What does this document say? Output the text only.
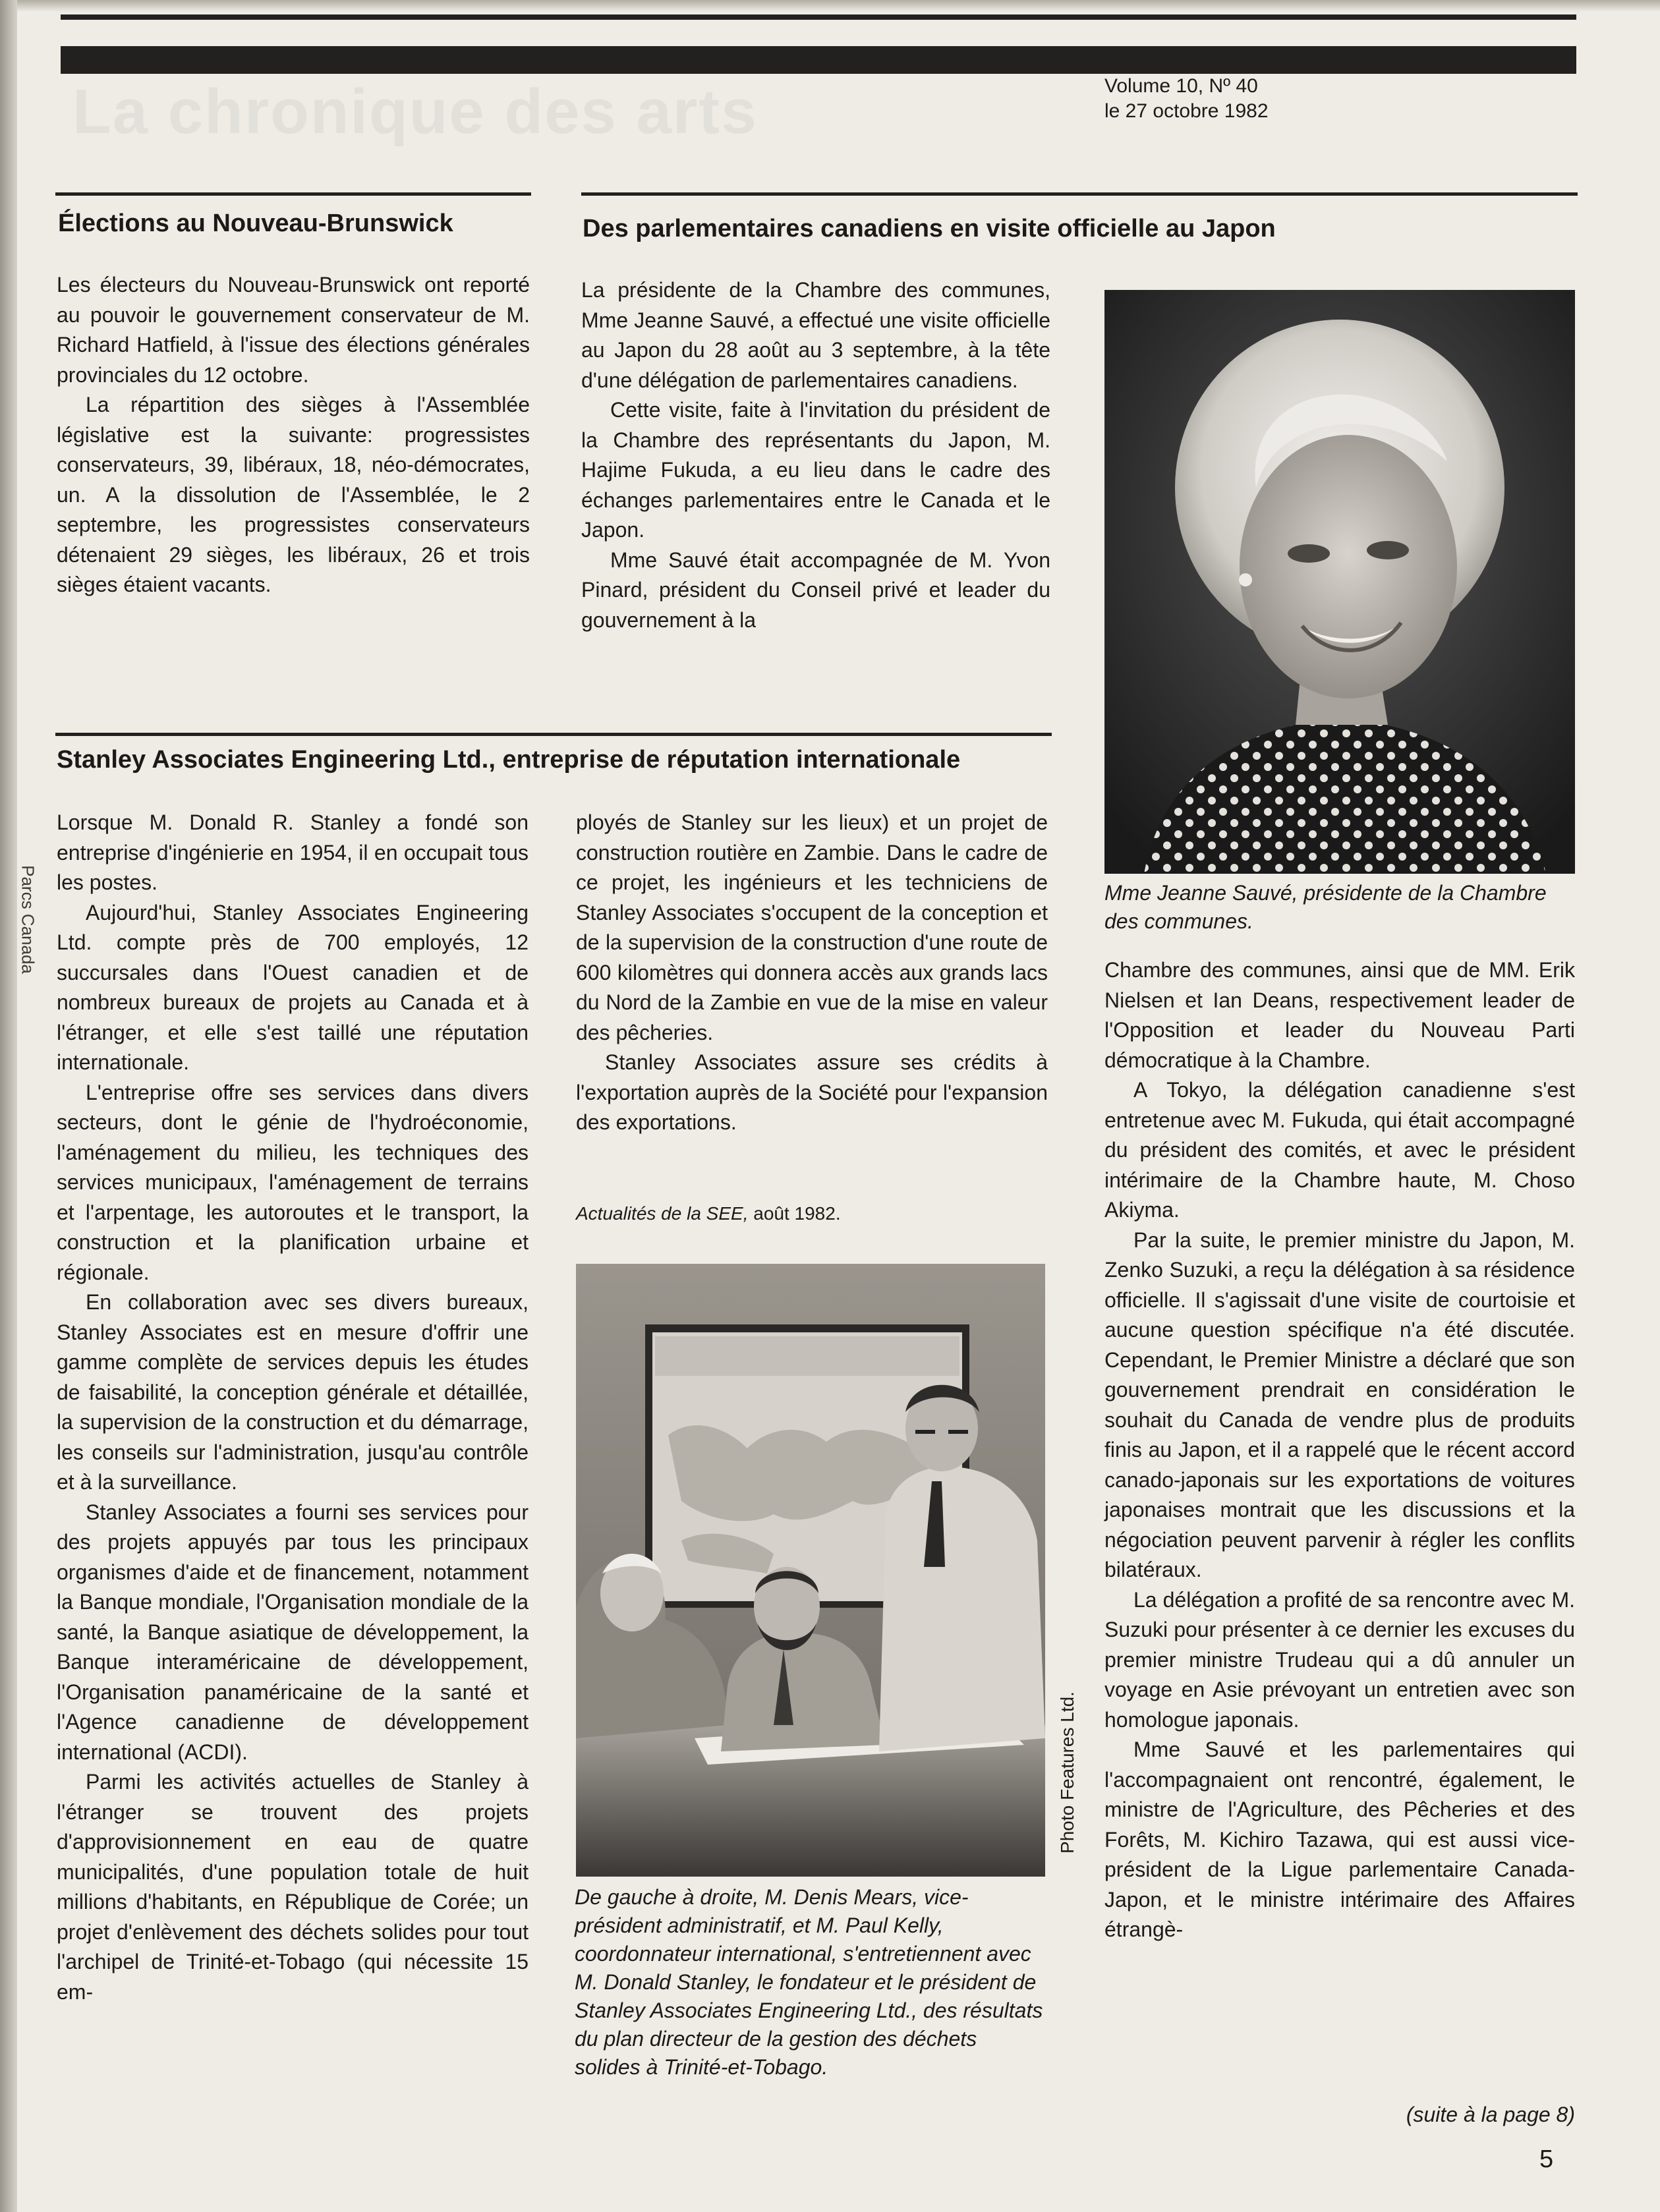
La chronique des arts
Parcs Canada
Volume 10, Nº 40
le 27 octobre 1982
Élections au Nouveau-Brunswick

Les électeurs du Nouveau-Brunswick ont reporté au pouvoir le gouvernement conservateur de M. Richard Hatfield, à l'issue des élections générales provinciales du 12 octobre.

La répartition des sièges à l'Assemblée législative est la suivante: progressistes conservateurs, 39, libéraux, 18, néo-démocrates, un. A la dissolution de l'Assemblée, le 2 septembre, les progressistes conservateurs détenaient 29 sièges, les libéraux, 26 et trois sièges étaient vacants.

Des parlementaires canadiens en visite officielle au Japon

La présidente de la Chambre des communes, Mme Jeanne Sauvé, a effectué une visite officielle au Japon du 28 août au 3 septembre, à la tête d'une délégation de parlementaires canadiens.

Cette visite, faite à l'invitation du président de la Chambre des représentants du Japon, M. Hajime Fukuda, a eu lieu dans le cadre des échanges parlementaires entre le Canada et le Japon.

Mme Sauvé était accompagnée de M. Yvon Pinard, président du Conseil privé et leader du gouvernement à la

Mme Jeanne Sauvé, présidente de la Chambre des communes.

Chambre des communes, ainsi que de MM. Erik Nielsen et Ian Deans, respectivement leader de l'Opposition et leader du Nouveau Parti démocratique à la Chambre.

A Tokyo, la délégation canadienne s'est entretenue avec M. Fukuda, qui était accompagné du président des comités, et avec le président intérimaire de la Chambre haute, M. Choso Akiyma.

Par la suite, le premier ministre du Japon, M. Zenko Suzuki, a reçu la délégation à sa résidence officielle. Il s'agissait d'une visite de courtoisie et aucune question spécifique n'a été discutée. Cependant, le Premier Ministre a déclaré que son gouvernement prendrait en considération le souhait du Canada de vendre plus de produits finis au Japon, et il a rappelé que le récent accord canado-japonais sur les exportations de voitures japonaises montrait que les discussions et la négociation peuvent parvenir à régler les conflits bilatéraux.

La délégation a profité de sa rencontre avec M. Suzuki pour présenter à ce dernier les excuses du premier ministre Trudeau qui a dû annuler un voyage en Asie prévoyant un entretien avec son homologue japonais.

Mme Sauvé et les parlementaires qui l'accompagnaient ont rencontré, également, le ministre de l'Agriculture, des Pêcheries et des Forêts, M. Kichiro Tazawa, qui est aussi vice-président de la Ligue parlementaire Canada-Japon, et le ministre intérimaire des Affaires étrangè-

(suite à la page 8)
Stanley Associates Engineering Ltd., entreprise de réputation internationale

Lorsque M. Donald R. Stanley a fondé son entreprise d'ingénierie en 1954, il en occupait tous les postes.

Aujourd'hui, Stanley Associates Engineering Ltd. compte près de 700 employés, 12 succursales dans l'Ouest canadien et de nombreux bureaux de projets au Canada et à l'étranger, et elle s'est taillé une réputation internationale.

L'entreprise offre ses services dans divers secteurs, dont le génie de l'hydroéconomie, l'aménagement du milieu, les techniques des services municipaux, l'aménagement de terrains et l'arpentage, les autoroutes et le transport, la construction et la planification urbaine et régionale.

En collaboration avec ses divers bureaux, Stanley Associates est en mesure d'offrir une gamme complète de services depuis les études de faisabilité, la conception générale et détaillée, la supervision de la construction et du démarrage, les conseils sur l'administration, jusqu'au contrôle et à la surveillance.

Stanley Associates a fourni ses services pour des projets appuyés par tous les principaux organismes d'aide et de financement, notamment la Banque mondiale, l'Organisation mondiale de la santé, la Banque asiatique de développement, la Banque interaméricaine de développement, l'Organisation panaméricaine de la santé et l'Agence canadienne de développement international (ACDI).

Parmi les activités actuelles de Stanley à l'étranger se trouvent des projets d'approvisionnement en eau de quatre municipalités, d'une population totale de huit millions d'habitants, en République de Corée; un projet d'enlèvement des déchets solides pour tout l'archipel de Trinité-et-Tobago (qui nécessite 15 em-

ployés de Stanley sur les lieux) et un projet de construction routière en Zambie. Dans le cadre de ce projet, les ingénieurs et les techniciens de Stanley Associates s'occupent de la conception et de la supervision de la construction d'une route de 600 kilomètres qui donnera accès aux grands lacs du Nord de la Zambie en vue de la mise en valeur des pêcheries.

Stanley Associates assure ses crédits à l'exportation auprès de la Société pour l'expansion des exportations.

Actualités de la SEE, août 1982.
Photo Features Ltd.
De gauche à droite, M. Denis Mears, vice-président administratif, et M. Paul Kelly, coordonnateur international, s'entretiennent avec M. Donald Stanley, le fondateur et le président de Stanley Associates Engineering Ltd., des résultats du plan directeur de la gestion des déchets solides à Trinité-et-Tobago.
5
